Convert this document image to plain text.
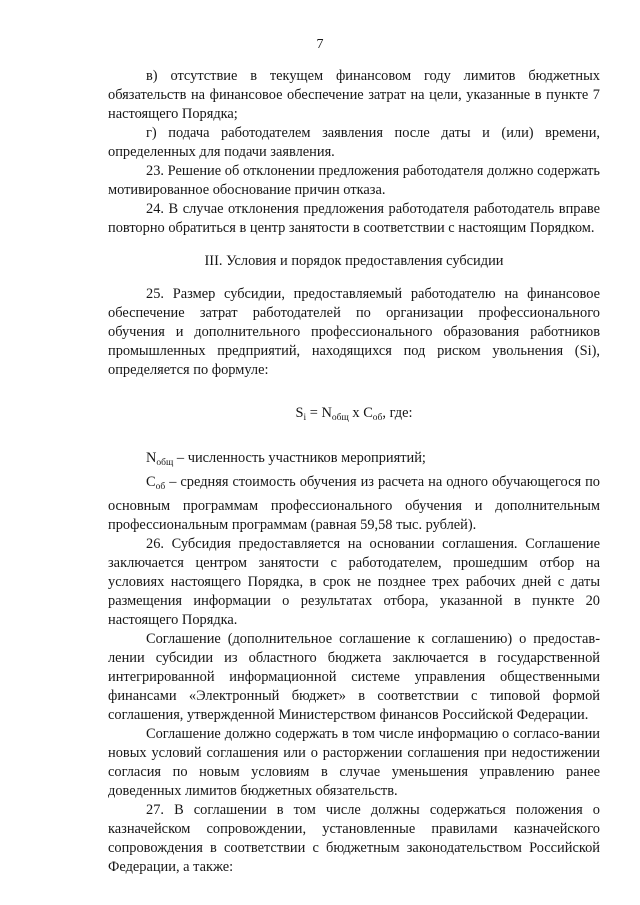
7

в) отсутствие в текущем финансовом году лимитов бюджетных обязательств на финансовое обеспечение затрат на цели, указанные в пункте 7 настоящего Порядка;

г) подача работодателем заявления после даты и (или) времени, определенных для подачи заявления.

23. Решение об отклонении предложения работодателя должно содержать мотивированное обоснование причин отказа.

24. В случае отклонения предложения работодателя работодатель вправе повторно обратиться в центр занятости в соответствии с настоящим Порядком.

III. Условия и порядок предоставления субсидии

25. Размер субсидии, предоставляемый работодателю на финансовое обеспечение затрат работодателей по организации профессионального обучения и дополнительного профессионального образования работников промышленных предприятий, находящихся под риском увольнения (Si), определяется по формуле:

$S_i = N_{общ}$ х $С_{об}$, где:

$N_{общ}$ – численность участников мероприятий;

$С_{об}$ – средняя стоимость обучения из расчета на одного обучающегося по основным программам профессионального обучения и дополнительным профессиональным программам (равная 59,58 тыс. рублей).

26. Субсидия предоставляется на основании соглашения. Соглашение заключается центром занятости с работодателем, прошедшим отбор на условиях настоящего Порядка, в срок не позднее трех рабочих дней с даты размещения информации о результатах отбора, указанной в пункте 20 настоящего Порядка.

Соглашение (дополнительное соглашение к соглашению) о предостав-лении субсидии из областного бюджета заключается в государственной интегрированной информационной системе управления общественными финансами «Электронный бюджет» в соответствии с типовой формой соглашения, утвержденной Министерством финансов Российской Федерации.

Соглашение должно содержать в том числе информацию о согласо-вании новых условий соглашения или о расторжении соглашения при недостижении согласия по новым условиям в случае уменьшения управлению ранее доведенных лимитов бюджетных обязательств.

27. В соглашении в том числе должны содержаться положения о казначейском сопровождении, установленные правилами казначейского сопровождения в соответствии с бюджетным законодательством Российской Федерации, а также:
